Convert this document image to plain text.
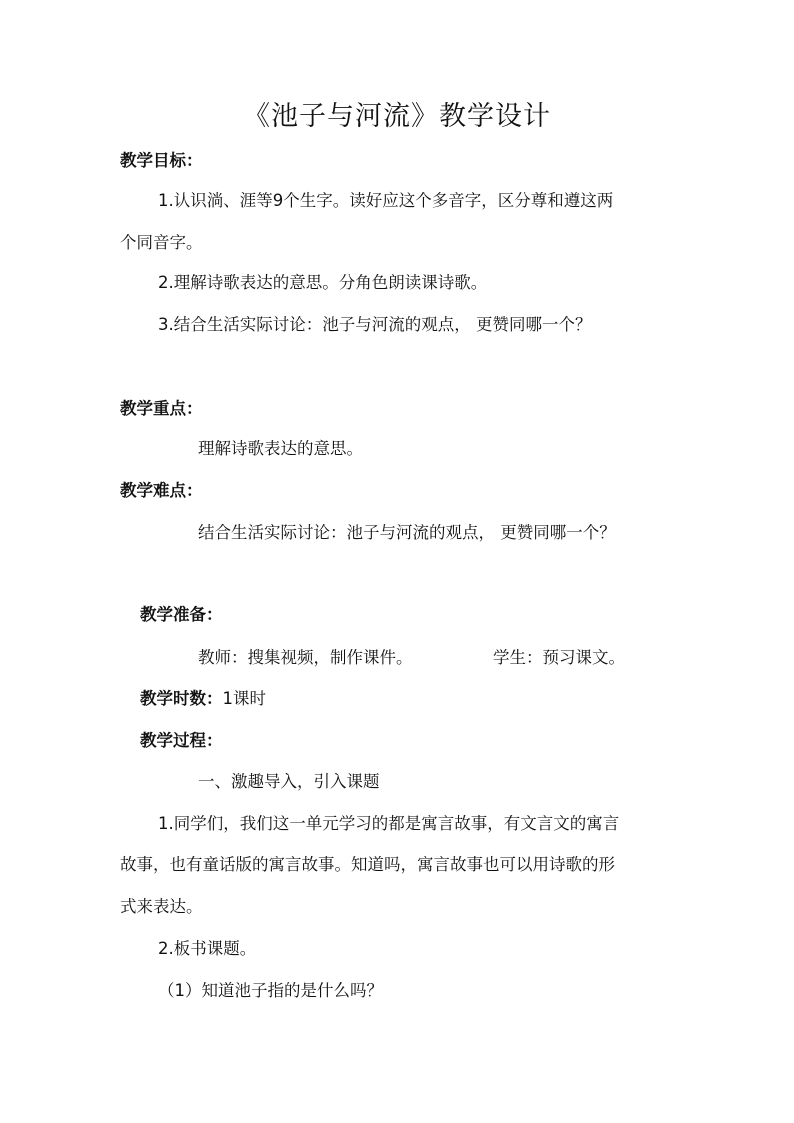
《池子与河流》教学设计
教学目标：
1.认识淌、涯等9个生字。读好应这个多音字，区分尊和遵这两
个同音字。
2.理解诗歌表达的意思。分角色朗读课诗歌。
3.结合生活实际讨论：池子与河流的观点， 更赞同哪一个？
教学重点：
理解诗歌表达的意思。
教学难点：
结合生活实际讨论：池子与河流的观点， 更赞同哪一个？
教学准备：
教师：搜集视频，制作课件。	学生：预习课文。
教学时数：1课时
教学过程：
一、激趣导入，引入课题
1.同学们，我们这一单元学习的都是寓言故事，有文言文的寓言
故事，也有童话版的寓言故事。知道吗，寓言故事也可以用诗歌的形
式来表达。
2.板书课题。
（1）知道池子指的是什么吗？
